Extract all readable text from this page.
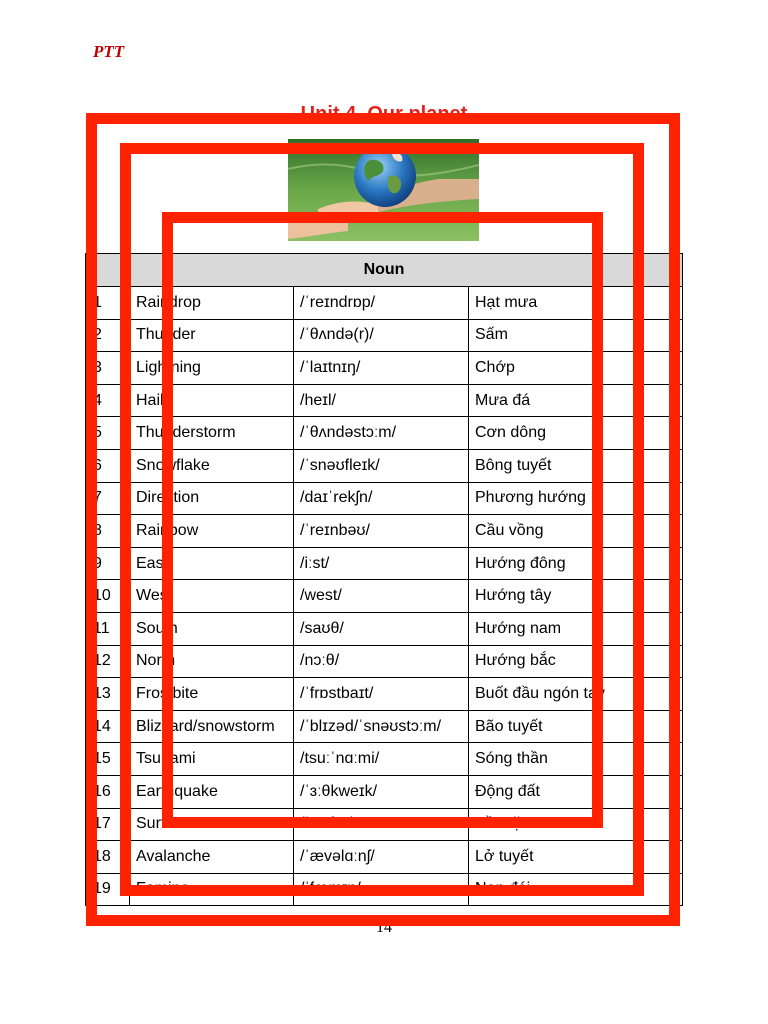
PTT
Unit 4. Our planet
Noun			
1	Raindrop	/ˈreɪndrɒp/	Hạt mưa
2	Thunder	/ˈθʌndə(r)/	Sấm
3	Lightning	/ˈlaɪtnɪŋ/	Chớp
4	Hail	/heɪl/	Mưa đá
5	Thunderstorm	/ˈθʌndəstɔːm/	Cơn dông
6	Snowflake	/ˈsnəʊfleɪk/	Bông tuyết
7	Direction	/daɪˈrekʃn/	Phương hướng
8	Rainbow	/ˈreɪnbəʊ/	Cầu vồng
9	East	/iːst/	Hướng đông
10	West	/west/	Hướng tây
11	South	/saʊθ/	Hướng nam
12	North	/nɔːθ/	Hướng bắc
13	Frostbite	/ˈfrɒstbaɪt/	Buốt đầu ngón tay
14	Blizzard/snowstorm	/ˈblɪzəd/ˈsnəʊstɔːm/	Bão tuyết
15	Tsunami	/tsuːˈnɑːmi/	Sóng thần
16	Earthquake	/ˈɜːθkweɪk/	Động đất
17	Surface	/ˈsɜːfɪs/	Bề mặt
18	Avalanche	/ˈævəlɑːnʃ/	Lở tuyết
19	Famine	/ˈfæmɪn/	Nạn đói
14
